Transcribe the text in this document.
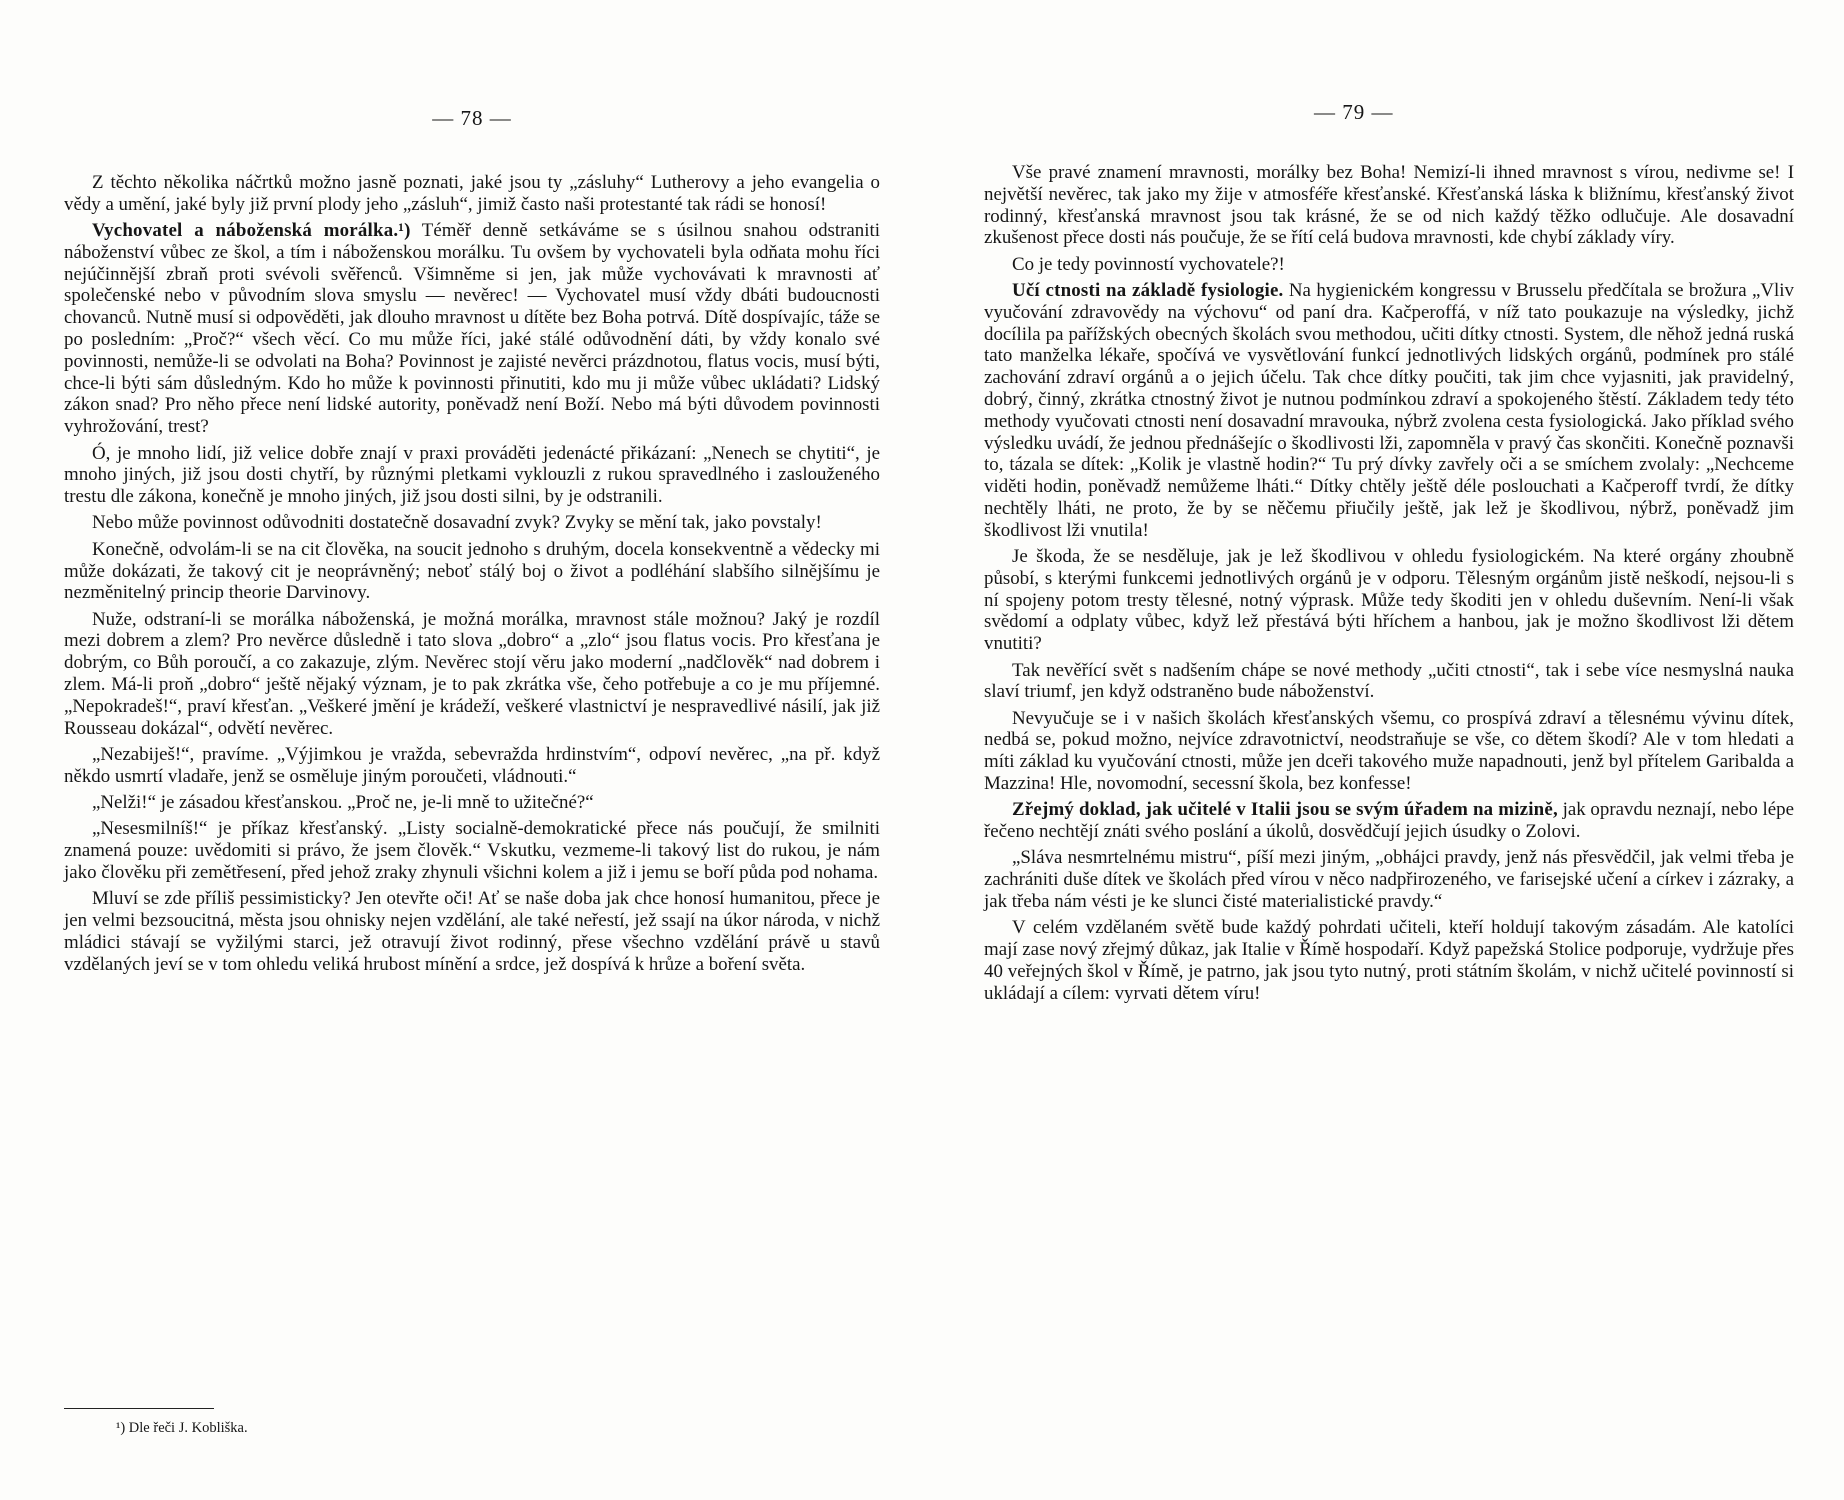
— 78 —

Z těchto několika náčrtků možno jasně poznati, jaké jsou ty „zásluhy“ Lutherovy a jeho evangelia o vědy a umění, jaké byly již první plody jeho „zásluh“, jimiž často naši protestanté tak rádi se honosí!

Vychovatel a náboženská morálka.¹) Téměř denně setkáváme se s úsilnou snahou odstraniti náboženství vůbec ze škol, a tím i náboženskou morálku. Tu ovšem by vychovateli byla odňata mohu říci nejúčinnější zbraň proti svévoli svěřenců. Všimněme si jen, jak může vychovávati k mravnosti ať společenské nebo v původním slova smyslu — nevěrec! — Vychovatel musí vždy dbáti budoucnosti chovanců. Nutně musí si odpověděti, jak dlouho mravnost u dítěte bez Boha potrvá. Dítě dospívajíc, táže se po posledním: „Proč?“ všech věcí. Co mu může říci, jaké stálé odůvodnění dáti, by vždy konalo své povinnosti, nemůže-li se odvolati na Boha? Povinnost je zajisté nevěrci prázdnotou, flatus vocis, musí býti, chce-li býti sám důsledným. Kdo ho může k povinnosti přinutiti, kdo mu ji může vůbec ukládati? Lidský zákon snad? Pro něho přece není lidské autority, poněvadž není Boží. Nebo má býti důvodem povinnosti vyhrožování, trest?

Ó, je mnoho lidí, již velice dobře znají v praxi prováděti jedenácté přikázaní: „Nenech se chytiti“, je mnoho jiných, již jsou dosti chytří, by různými pletkami vyklouzli z rukou spravedlného i zaslouženého trestu dle zákona, konečně je mnoho jiných, již jsou dosti silni, by je odstranili.

Nebo může povinnost odůvodniti dostatečně dosavadní zvyk? Zvyky se mění tak, jako povstaly!

Konečně, odvolám-li se na cit člověka, na soucit jednoho s druhým, docela konsekventně a vědecky mi může dokázati, že takový cit je neoprávněný; neboť stálý boj o život a podléhání slabšího silnějšímu je nezměnitelný princip theorie Darvinovy.

Nuže, odstraní-li se morálka náboženská, je možná morálka, mravnost stále možnou? Jaký je rozdíl mezi dobrem a zlem? Pro nevěrce důsledně i tato slova „dobro“ a „zlo“ jsou flatus vocis. Pro křesťana je dobrým, co Bůh poroučí, a co zakazuje, zlým. Nevěrec stojí věru jako moderní „nadčlověk“ nad dobrem i zlem. Má-li proň „dobro“ ještě nějaký význam, je to pak zkrátka vše, čeho potřebuje a co je mu příjemné. „Nepokradeš!“, praví křesťan. „Veškeré jmění je krádeží, veškeré vlastnictví je nespravedlivé násilí, jak již Rousseau dokázal“, odvětí nevěrec.

„Nezabiješ!“, pravíme. „Výjimkou je vražda, sebevražda hrdinstvím“, odpoví nevěrec, „na př. když někdo usmrtí vladaře, jenž se osměluje jiným poroučeti, vládnouti.“

„Nelži!“ je zásadou křesťanskou. „Proč ne, je-li mně to užitečné?“

„Nesesmilníš!“ je příkaz křesťanský. „Listy socialně-demokratické přece nás poučují, že smilniti znamená pouze: uvědomiti si právo, že jsem člověk.“ Vskutku, vezmeme-li takový list do rukou, je nám jako člověku při zemětřesení, před jehož zraky zhynuli všichni kolem a již i jemu se boří půda pod nohama.

Mluví se zde příliš pessimisticky? Jen otevřte oči! Ať se naše doba jak chce honosí humanitou, přece je jen velmi bezsoucitná, města jsou ohnisky nejen vzdělání, ale také neřestí, jež ssají na úkor národa, v nichž mládici stávají se vyžilými starci, jež otravují život rodinný, přese všechno vzdělání právě u stavů vzdělaných jeví se v tom ohledu veliká hrubost mínění a srdce, jež dospívá k hrůze a boření světa.

¹) Dle řeči J. Kobliška.
— 79 —

Vše pravé znamení mravnosti, morálky bez Boha! Nemizí-li ihned mravnost s vírou, nedivme se! I největší nevěrec, tak jako my žije v atmosféře křesťanské. Křesťanská láska k bližnímu, křesťanský život rodinný, křesťanská mravnost jsou tak krásné, že se od nich každý těžko odlučuje. Ale dosavadní zkušenost přece dosti nás poučuje, že se řítí celá budova mravnosti, kde chybí základy víry.

Co je tedy povinností vychovatele?!

Učí ctnosti na základě fysiologie. Na hygienickém kongressu v Brusselu předčítala se brožura „Vliv vyučování zdravovědy na výchovu“ od paní dra. Kačperoffá, v níž tato poukazuje na výsledky, jichž docílila pa pařížských obecných školách svou methodou, učiti dítky ctnosti. System, dle něhož jedná ruská tato manželka lékaře, spočívá ve vysvětlování funkcí jednotlivých lidských orgánů, podmínek pro stálé zachování zdraví orgánů a o jejich účelu. Tak chce dítky poučiti, tak jim chce vyjasniti, jak pravidelný, dobrý, činný, zkrátka ctnostný život je nutnou podmínkou zdraví a spokojeného štěstí. Základem tedy této methody vyučovati ctnosti není dosavadní mravouka, nýbrž zvolena cesta fysiologická. Jako příklad svého výsledku uvádí, že jednou přednášejíc o škodlivosti lži, zapomněla v pravý čas skončiti. Konečně poznavši to, tázala se dítek: „Kolik je vlastně hodin?“ Tu prý dívky zavřely oči a se smíchem zvolaly: „Nechceme viděti hodin, poněvadž nemůžeme lháti.“ Dítky chtěly ještě déle poslouchati a Kačperoff tvrdí, že dítky nechtěly lháti, ne proto, že by se něčemu přiučily ještě, jak lež je škodlivou, nýbrž, poněvadž jim škodlivost lži vnutila!

Je škoda, že se nesděluje, jak je lež škodlivou v ohledu fysiologickém. Na které orgány zhoubně působí, s kterými funkcemi jednotlivých orgánů je v odporu. Tělesným orgánům jistě neškodí, nejsou-li s ní spojeny potom tresty tělesné, notný výprask. Může tedy škoditi jen v ohledu duševním. Není-li však svědomí a odplaty vůbec, když lež přestává býti hříchem a hanbou, jak je možno škodlivost lži dětem vnutiti?

Tak nevěřící svět s nadšením chápe se nové methody „učiti ctnosti“, tak i sebe více nesmyslná nauka slaví triumf, jen když odstraněno bude náboženství.

Nevyučuje se i v našich školách křesťanských všemu, co prospívá zdraví a tělesnému vývinu dítek, nedbá se, pokud možno, nejvíce zdravotnictví, neodstraňuje se vše, co dětem škodí? Ale v tom hledati a míti základ ku vyučování ctnosti, může jen dceři takového muže napadnouti, jenž byl přítelem Garibalda a Mazzina! Hle, novomodní, secessní škola, bez konfesse!

Zřejmý doklad, jak učitelé v Italii jsou se svým úřadem na mizině, jak opravdu neznají, nebo lépe řečeno nechtějí znáti svého poslání a úkolů, dosvědčují jejich úsudky o Zolovi.

„Sláva nesmrtelnému mistru“, píší mezi jiným, „obhájci pravdy, jenž nás přesvědčil, jak velmi třeba je zachrániti duše dítek ve školách před vírou v něco nadpřirozeného, ve farisejské učení a církev i zázraky, a jak třeba nám vésti je ke slunci čisté materialistické pravdy.“

V celém vzdělaném světě bude každý pohrdati učiteli, kteří holdují takovým zásadám. Ale katolíci mají zase nový zřejmý důkaz, jak Italie v Římě hospodaří. Když papežská Stolice podporuje, vydržuje přes 40 veřejných škol v Římě, je patrno, jak jsou tyto nutný, proti státním školám, v nichž učitelé povinností si ukládají a cílem: vyrvati dětem víru!
